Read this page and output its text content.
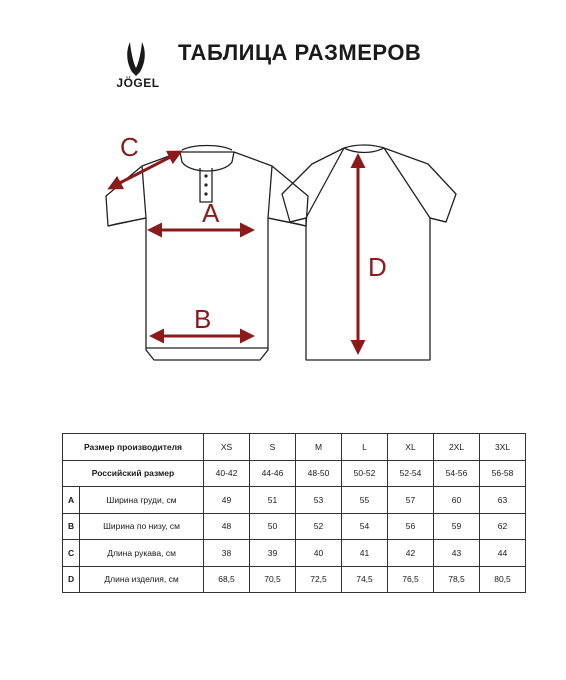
JÖGEL
ТАБЛИЦА РАЗМЕРОВ
C
A
B
D
Размер производителя		XS	S	M	L	XL	2XL	3XL
Российский размер		40-42	44-46	48-50	50-52	52-54	54-56	56-58
A	Ширина груди, см	49	51	53	55	57	60	63
B	Ширина по низу, см	48	50	52	54	56	59	62
C	Длина рукава, см	38	39	40	41	42	43	44
D	Длина изделия, см	68,5	70,5	72,5	74,5	76,5	78,5	80,5
